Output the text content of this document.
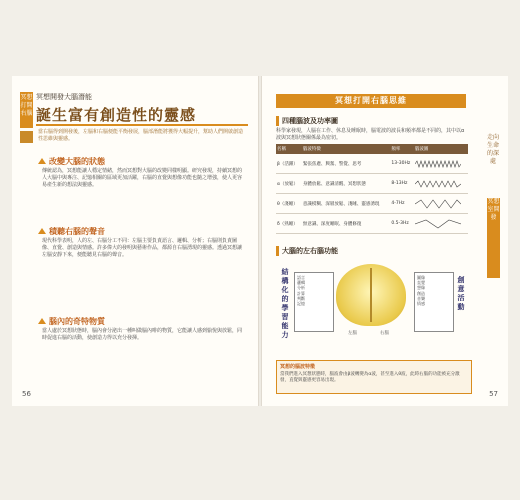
冥想打開右腦
冥想開發大腦潛能
誕生富有創造性的靈感
當右腦得到開發後，左腦和右腦便能平衡發展，腦部潛能將獲得大幅提升，幫助人們開啟創造性思維與靈感。
改變大腦的狀態
傳統認為，冥想能讓人穩定情緒，然而冥想對大腦的改變同樣明顯。研究發現，持續冥想的人大腦中與專注、記憶相關的區域更加活躍，右腦的直覺與想像功能也隨之增強，使人更容易產生新的想法與靈感。
積聽右腦的聲音
現代科學表明，人的左、右腦分工不同：左腦主要負責語言、邏輯、分析；右腦則負責圖像、直覺、創造與情感。許多偉大的發明與藝術作品，都源自右腦湧現的靈感。透過冥想讓左腦安靜下來，便能聽見右腦的聲音。
腦內的奇特物質
當人處於冥想狀態時，腦內會分泌出一種叫做腦內啡的物質，它能讓人感到愉悅與放鬆，同時促進右腦的活動，使創造力得以充分發揮。
56
冥想打開右腦思維
走向生命的深處
冥想室開發
四種腦波及功率圖
科學家發現，人腦在工作、休息及睡眠時，腦電波的波長和頻率都是不同的，其中以α波與冥想狀態關係最為密切。
名稱	腦波特徵	頻率	腦波圖
β（活躍）	緊張焦慮、興奮、警覺、思考	13-30Hz	

α（放鬆）	身體放鬆、意識清醒、冥想狀態	8-13Hz	

θ（淺睡）	意識模糊、深層放鬆、淺睡、靈感湧現	4-7Hz	

δ（熟睡）	無意識、深度睡眠、身體修復	0.5-3Hz	
大腦的左右腦功能
結構化的學習能力
語言
邏輯
分析
計算
判斷
記憶
左腦	右腦
圖像
直覺
想像
創造
音樂
情感
創意活動
冥想的腦波特徵
當我們進入冥想狀態時，腦波會由β波轉變為α波，甚至進入θ波，此時右腦的功能被充分激發，直覺與靈感更容易出現。
57
